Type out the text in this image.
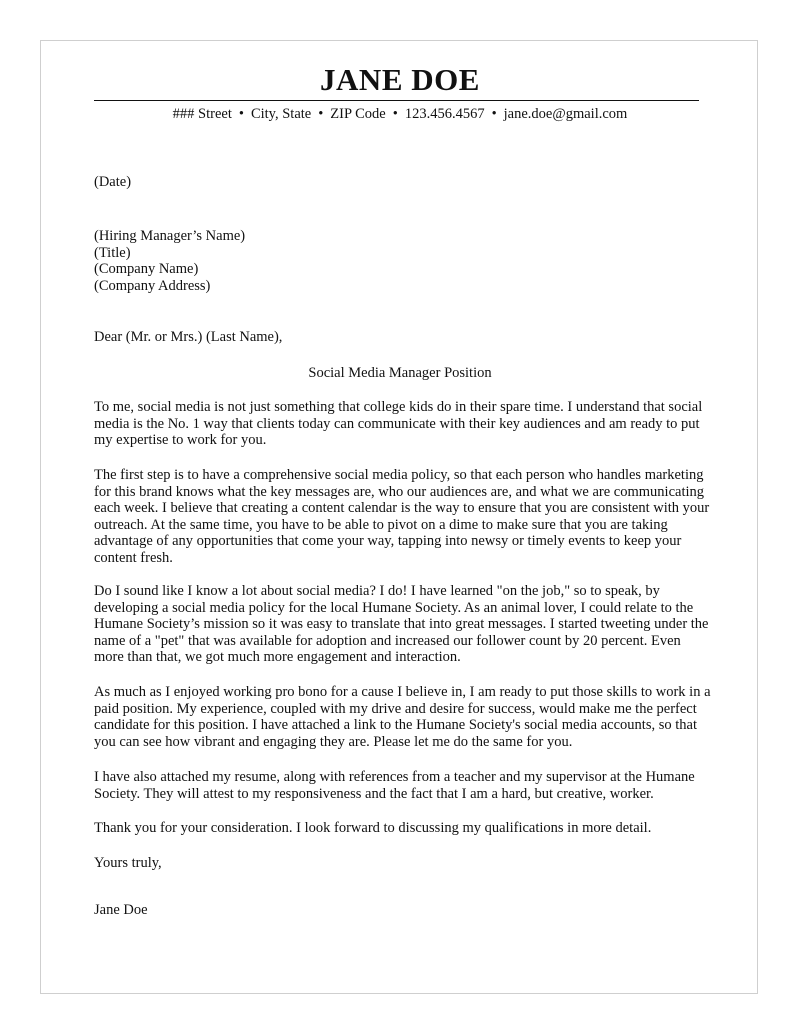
JANE DOE
### Street • City, State • ZIP Code • 123.456.4567 • jane.doe@gmail.com
(Date)
(Hiring Manager’s Name)
(Title)
(Company Name)
(Company Address)
Dear (Mr. or Mrs.) (Last Name),
Social Media Manager Position
To me, social media is not just something that college kids do in their spare time. I understand that social
media is the No. 1 way that clients today can communicate with their key audiences and am ready to put
my expertise to work for you.
The first step is to have a comprehensive social media policy, so that each person who handles marketing
for this brand knows what the key messages are, who our audiences are, and what we are communicating
each week. I believe that creating a content calendar is the way to ensure that you are consistent with your
outreach. At the same time, you have to be able to pivot on a dime to make sure that you are taking
advantage of any opportunities that come your way, tapping into newsy or timely events to keep your
content fresh.
Do I sound like I know a lot about social media? I do! I have learned "on the job," so to speak, by
developing a social media policy for the local Humane Society. As an animal lover, I could relate to the
Humane Society’s mission so it was easy to translate that into great messages. I started tweeting under the
name of a "pet" that was available for adoption and increased our follower count by 20 percent. Even
more than that, we got much more engagement and interaction.
As much as I enjoyed working pro bono for a cause I believe in, I am ready to put those skills to work in a
paid position. My experience, coupled with my drive and desire for success, would make me the perfect
candidate for this position. I have attached a link to the Humane Society's social media accounts, so that
you can see how vibrant and engaging they are. Please let me do the same for you.
I have also attached my resume, along with references from a teacher and my supervisor at the Humane
Society. They will attest to my responsiveness and the fact that I am a hard, but creative, worker.
Thank you for your consideration. I look forward to discussing my qualifications in more detail.
Yours truly,
Jane Doe
